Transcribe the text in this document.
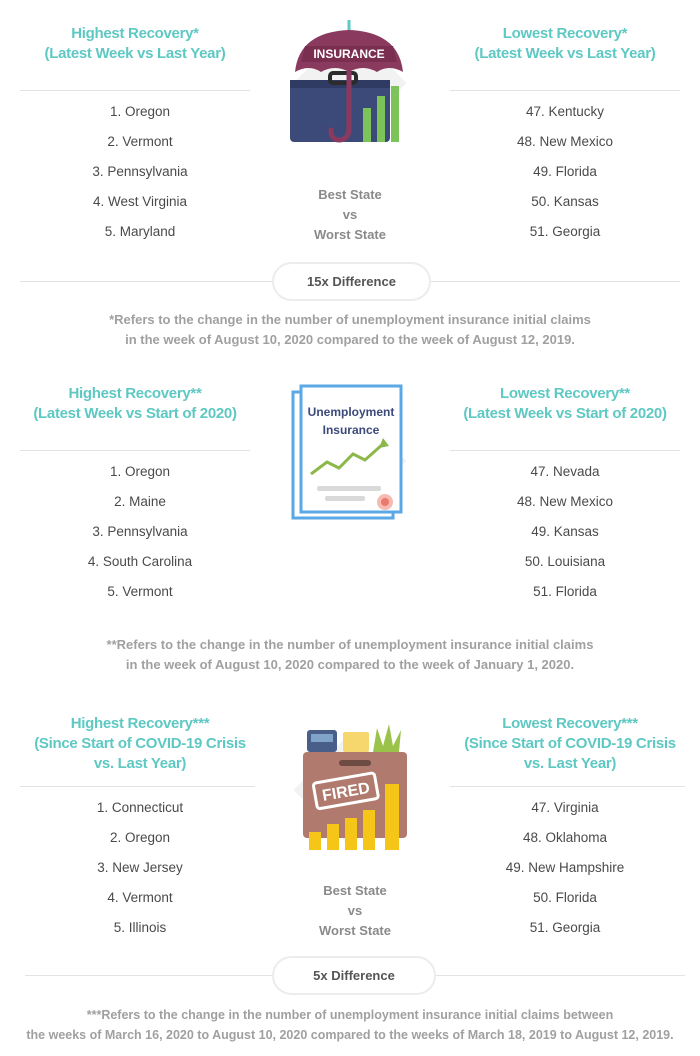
Highest Recovery*
(Latest Week vs Last Year)
Lowest Recovery*
(Latest Week vs Last Year)
1. Oregon
2. Vermont
3. Pennsylvania
4. West Virginia
5. Maryland
47. Kentucky
48. New Mexico
49. Florida
50. Kansas
51. Georgia
INSURANCE
Best State
vs
Worst State
15x Difference
*Refers to the change in the number of unemployment insurance initial claims
in the week of August 10, 2020 compared to the week of August 12, 2019.
Highest Recovery**
(Latest Week vs Start of 2020)
Lowest Recovery**
(Latest Week vs Start of 2020)
1. Oregon
2. Maine
3. Pennsylvania
4. South Carolina
5. Vermont
47. Nevada
48. New Mexico
49. Kansas
50. Louisiana
51. Florida
Unemployment
Insurance
**Refers to the change in the number of unemployment insurance initial claims
in the week of August 10, 2020 compared to the week of January 1, 2020.
Highest Recovery***
(Since Start of COVID-19 Crisis
vs. Last Year)
Lowest Recovery***
(Since Start of COVID-19 Crisis
vs. Last Year)
1. Connecticut
2. Oregon
3. New Jersey
4. Vermont
5. Illinois
47. Virginia
48. Oklahoma
49. New Hampshire
50. Florida
51. Georgia
FIRED
Best State
vs
Worst State
5x Difference
***Refers to the change in the number of unemployment insurance initial claims between
the weeks of March 16, 2020 to August 10, 2020 compared to the weeks of March 18, 2019 to August 12, 2019.
